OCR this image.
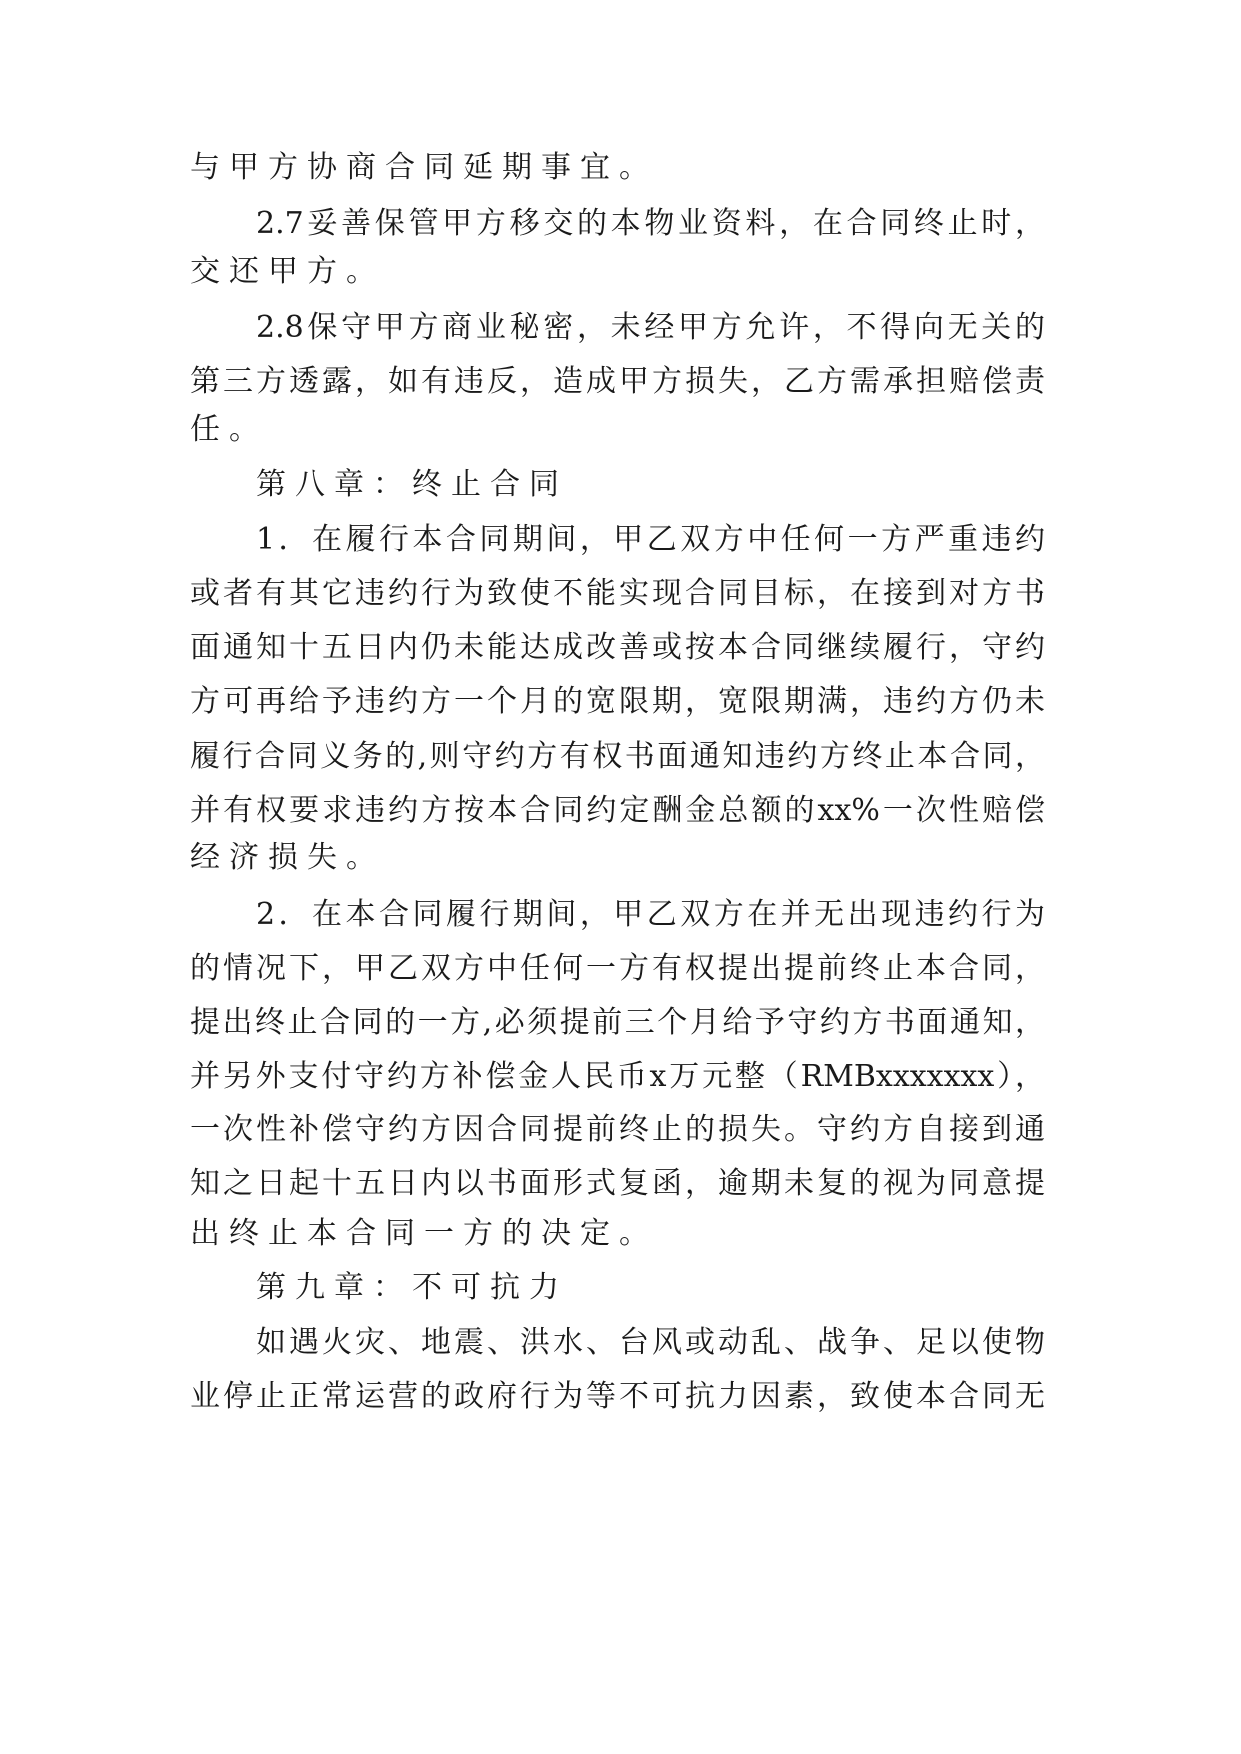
与甲方协商合同延期事宜。
2.7妥善保管甲方移交的本物业资料，在合同终止时，
交还甲方。
2.8保守甲方商业秘密，未经甲方允许，不得向无关的
第三方透露，如有违反，造成甲方损失，乙方需承担赔偿责
任。
第八章：终止合同
1．在履行本合同期间，甲乙双方中任何一方严重违约
或者有其它违约行为致使不能实现合同目标，在接到对方书
面通知十五日内仍未能达成改善或按本合同继续履行，守约
方可再给予违约方一个月的宽限期，宽限期满，违约方仍未
履行合同义务的,则守约方有权书面通知违约方终止本合同，
并有权要求违约方按本合同约定酬金总额的xx%一次性赔偿
经济损失。
2．在本合同履行期间，甲乙双方在并无出现违约行为
的情况下，甲乙双方中任何一方有权提出提前终止本合同，
提出终止合同的一方,必须提前三个月给予守约方书面通知，
并另外支付守约方补偿金人民币x万元整（RMBxxxxxxx），
一次性补偿守约方因合同提前终止的损失。守约方自接到通
知之日起十五日内以书面形式复函，逾期未复的视为同意提
出终止本合同一方的决定。
第九章：不可抗力
如遇火灾、地震、洪水、台风或动乱、战争、足以使物
业停止正常运营的政府行为等不可抗力因素，致使本合同无
